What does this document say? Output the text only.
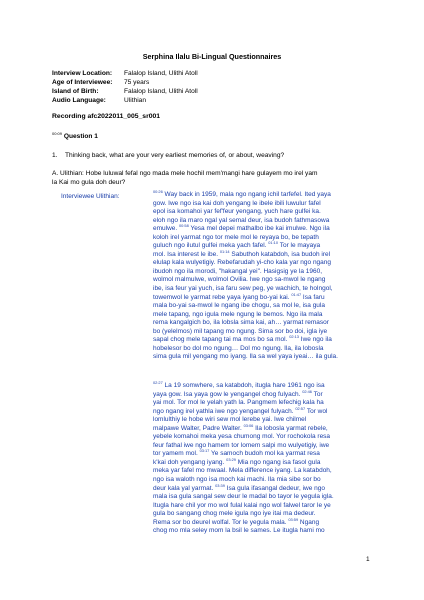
Serphina Ilalu Bi-Lingual Questionnaires
Interview Location:	Falalop Island, Ulithi Atoll
Age of Interviewee:	75 years
Island of Birth:	Falalop Island, Ulithi Atoll
Audio Language:	Ulithian
Recording afc2022011_005_sr001
$^{00:09}$ Question 1
1. Thinking back, what are your very earliest memories of, or about, weaving?
A. Ulithian: Hobe luluwal fefal ngo mada mele hochil mem'mangi hare gulayem mo irel yam
la Kai mo gula doh deur?
Interviewee Ulithian:
$^{00:26}$ Way back in 1959, mala ngo ngang ichil tarfefel. Ited yaya
gow. Iwe ngo isa kai doh yengang le ibele ibili luwulur fafel
epol isa komahoi yar fef'feur yengang, yuch hare gulfei ka.
eloh ngo ila maro ngal yal semal deur, isa budoh fathmasowa
emulwe. $^{00:58}$ Yesa mel depei mathalbo ibe kai imulwe. Ngo ila
koloh irel yarmat ngo tor mele mol le reyaya bo, be tepath
guluch ngo ilutul gulfei meka yach fafel. $^{01:10}$ Tor le mayaya
mol. Isa interest le ibe. $^{01:14}$ Sabuthoh katabdoh, isa budoh irel
elulap kala wulyetigiy. Rebefarudah yi-cho kala yar ngo ngang
ibudoh ngo ila morodi, "hakangal yei". Hasigsig ye la 1960,
wolmol malmulwe, wolmol Ovilia. Iwe ngo sa-mwol le ngang
ibe, isa feur yai yuch, isa faru sew peg, ye wachich, te holngol,
towemwol le yarmat rebe yaya iyang bo-yai kai. $^{01:47}$ Isa faru
mala bo-yai sa-mwol le ngang ibe chogu, sa mol le, isa gula
mele tapang, ngo igula mele ngung le bemos. Ngo ila mala
rema kangalgich bo, ila lobsla sima kai, ah… yarmat remasor
bo (yelelmos) mil tapang mo ngung. Sima sor bo doi, igla iye
sapal chog mele tapang tai ma mos bo sa mol. $^{02:13}$ Iwe ngo ila
hobelesor bo dol mo ngung… Dol mo ngung. Ila, ila lobosla
sima gula mil yengang mo iyang. Ila sa wel yaya iyeai… ila gula.
$^{02:27}$ La 19 somwhere, sa katabdoh, itugla hare 1961 ngo isa
yaya gow. Isa yaya gow le yengangel chog fulyach. $^{02:46}$ Tor
yai mol. Tor mol le yelah yath la. Pangmem lefechig kala ha
ngo ngang irel yathla iwe ngo yengangel fulyach. $^{02:57}$ Tor wol
lomlulthiy le hobe wiri sew mol lerebe yai. Iwe chilmel
malpawe Walter, Padre Walter. $^{03:06}$ Ila lobosla yarmat rebele,
yebele komahoi meka yesa chumong mol. Yor rochokola resa
feur fathal iwe ngo hamem tor lomem salpi mo wulyetigiy, iwe
tor yamem mol. $^{03:17}$ Ye samoch budoh mol ka yarmat resa
k'kai doh yengang iyang. $^{03:29}$ Mia ngo ngang isa fasol gula
meka yar fafel mo mwaal. Mela difference iyang. La katabdoh,
ngo isa waloth ngo isa moch kai machi. Ila mia sibe sor bo
deur kala yal yarmat. $^{03:39}$ Isa gula ifasangal dedeur, iwe ngo
mala isa gula sangal sew deur le madal bo tayor le yegula igla.
Itugla hare chil yor mo wol fulal kalai ngo wol falwel taror le ye
gula bo sangang chog mele igula ngo iye itai ma dedeur.
Rema sor bo deurel wolfal. Tor le yegula mala. $^{03:59}$ Ngang
chog mo mla seley mom la bsil le sames. Le itugla hami mo
1
